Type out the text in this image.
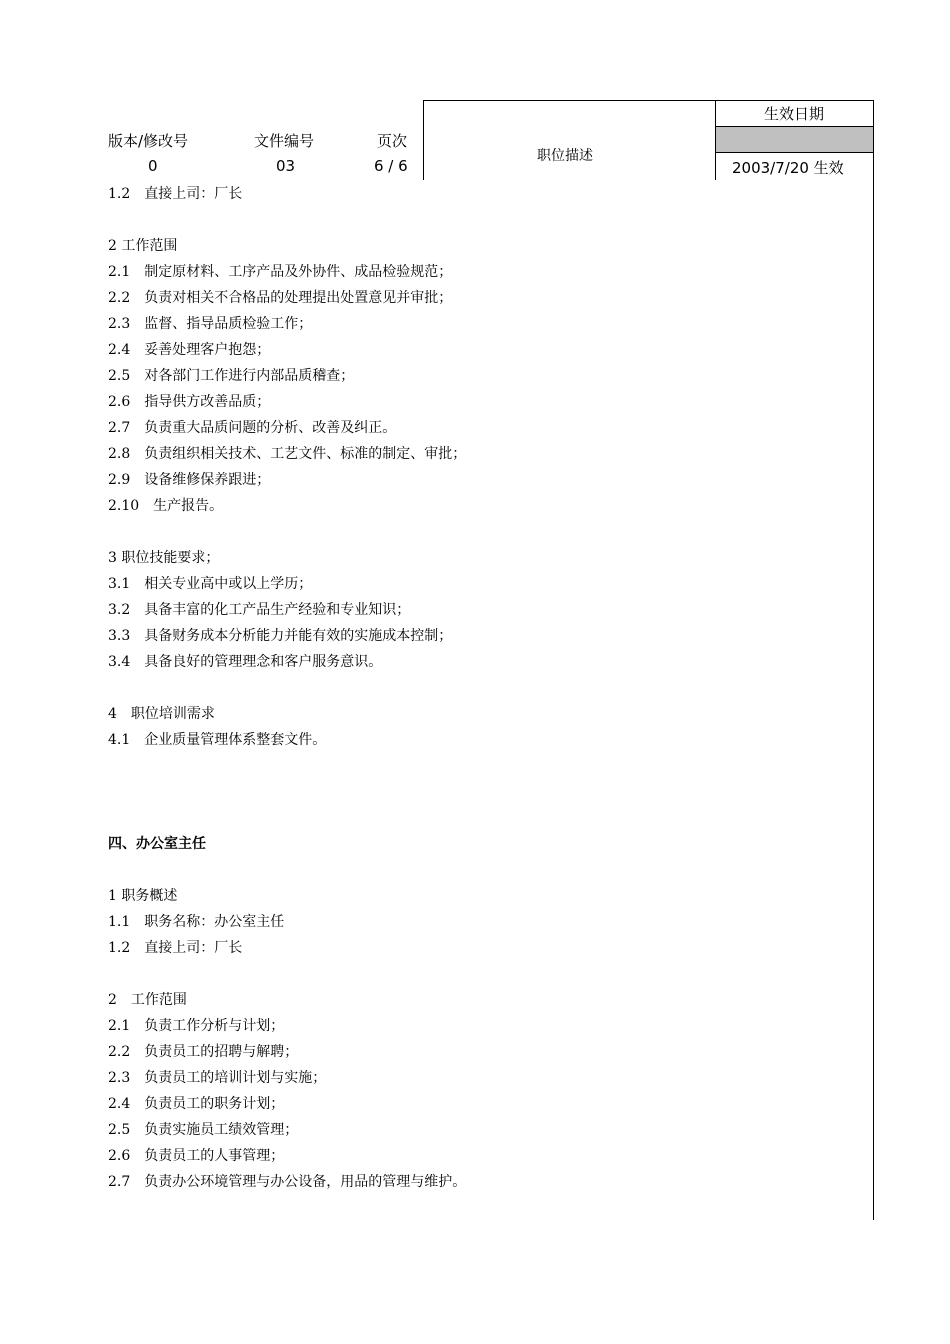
版本/修改号	文件编号	页次
0	03	6 / 6
职位描述
生效日期
2003/7/20 生效
1.2　直接上司：厂长
2 工作范围
2.1　制定原材料、工序产品及外协件、成品检验规范；
2.2　负责对相关不合格品的处理提出处置意见并审批；
2.3　监督、指导品质检验工作；
2.4　妥善处理客户抱怨；
2.5　对各部门工作进行内部品质稽查；
2.6　指导供方改善品质；
2.7　负责重大品质问题的分析、改善及纠正。
2.8　负责组织相关技术、工艺文件、标准的制定、审批；
2.9　设备维修保养跟进；
2.10　生产报告。
3 职位技能要求；
3.1　相关专业高中或以上学历；
3.2　具备丰富的化工产品生产经验和专业知识；
3.3　具备财务成本分析能力并能有效的实施成本控制；
3.4　具备良好的管理理念和客户服务意识。
4　职位培训需求
4.1　企业质量管理体系整套文件。
四、办公室主任
1 职务概述
1.1　职务名称：办公室主任
1.2　直接上司：厂长
2　工作范围
2.1　负责工作分析与计划；
2.2　负责员工的招聘与解聘；
2.3　负责员工的培训计划与实施；
2.4　负责员工的职务计划；
2.5　负责实施员工绩效管理；
2.6　负责员工的人事管理；
2.7　负责办公环境管理与办公设备，用品的管理与维护。
